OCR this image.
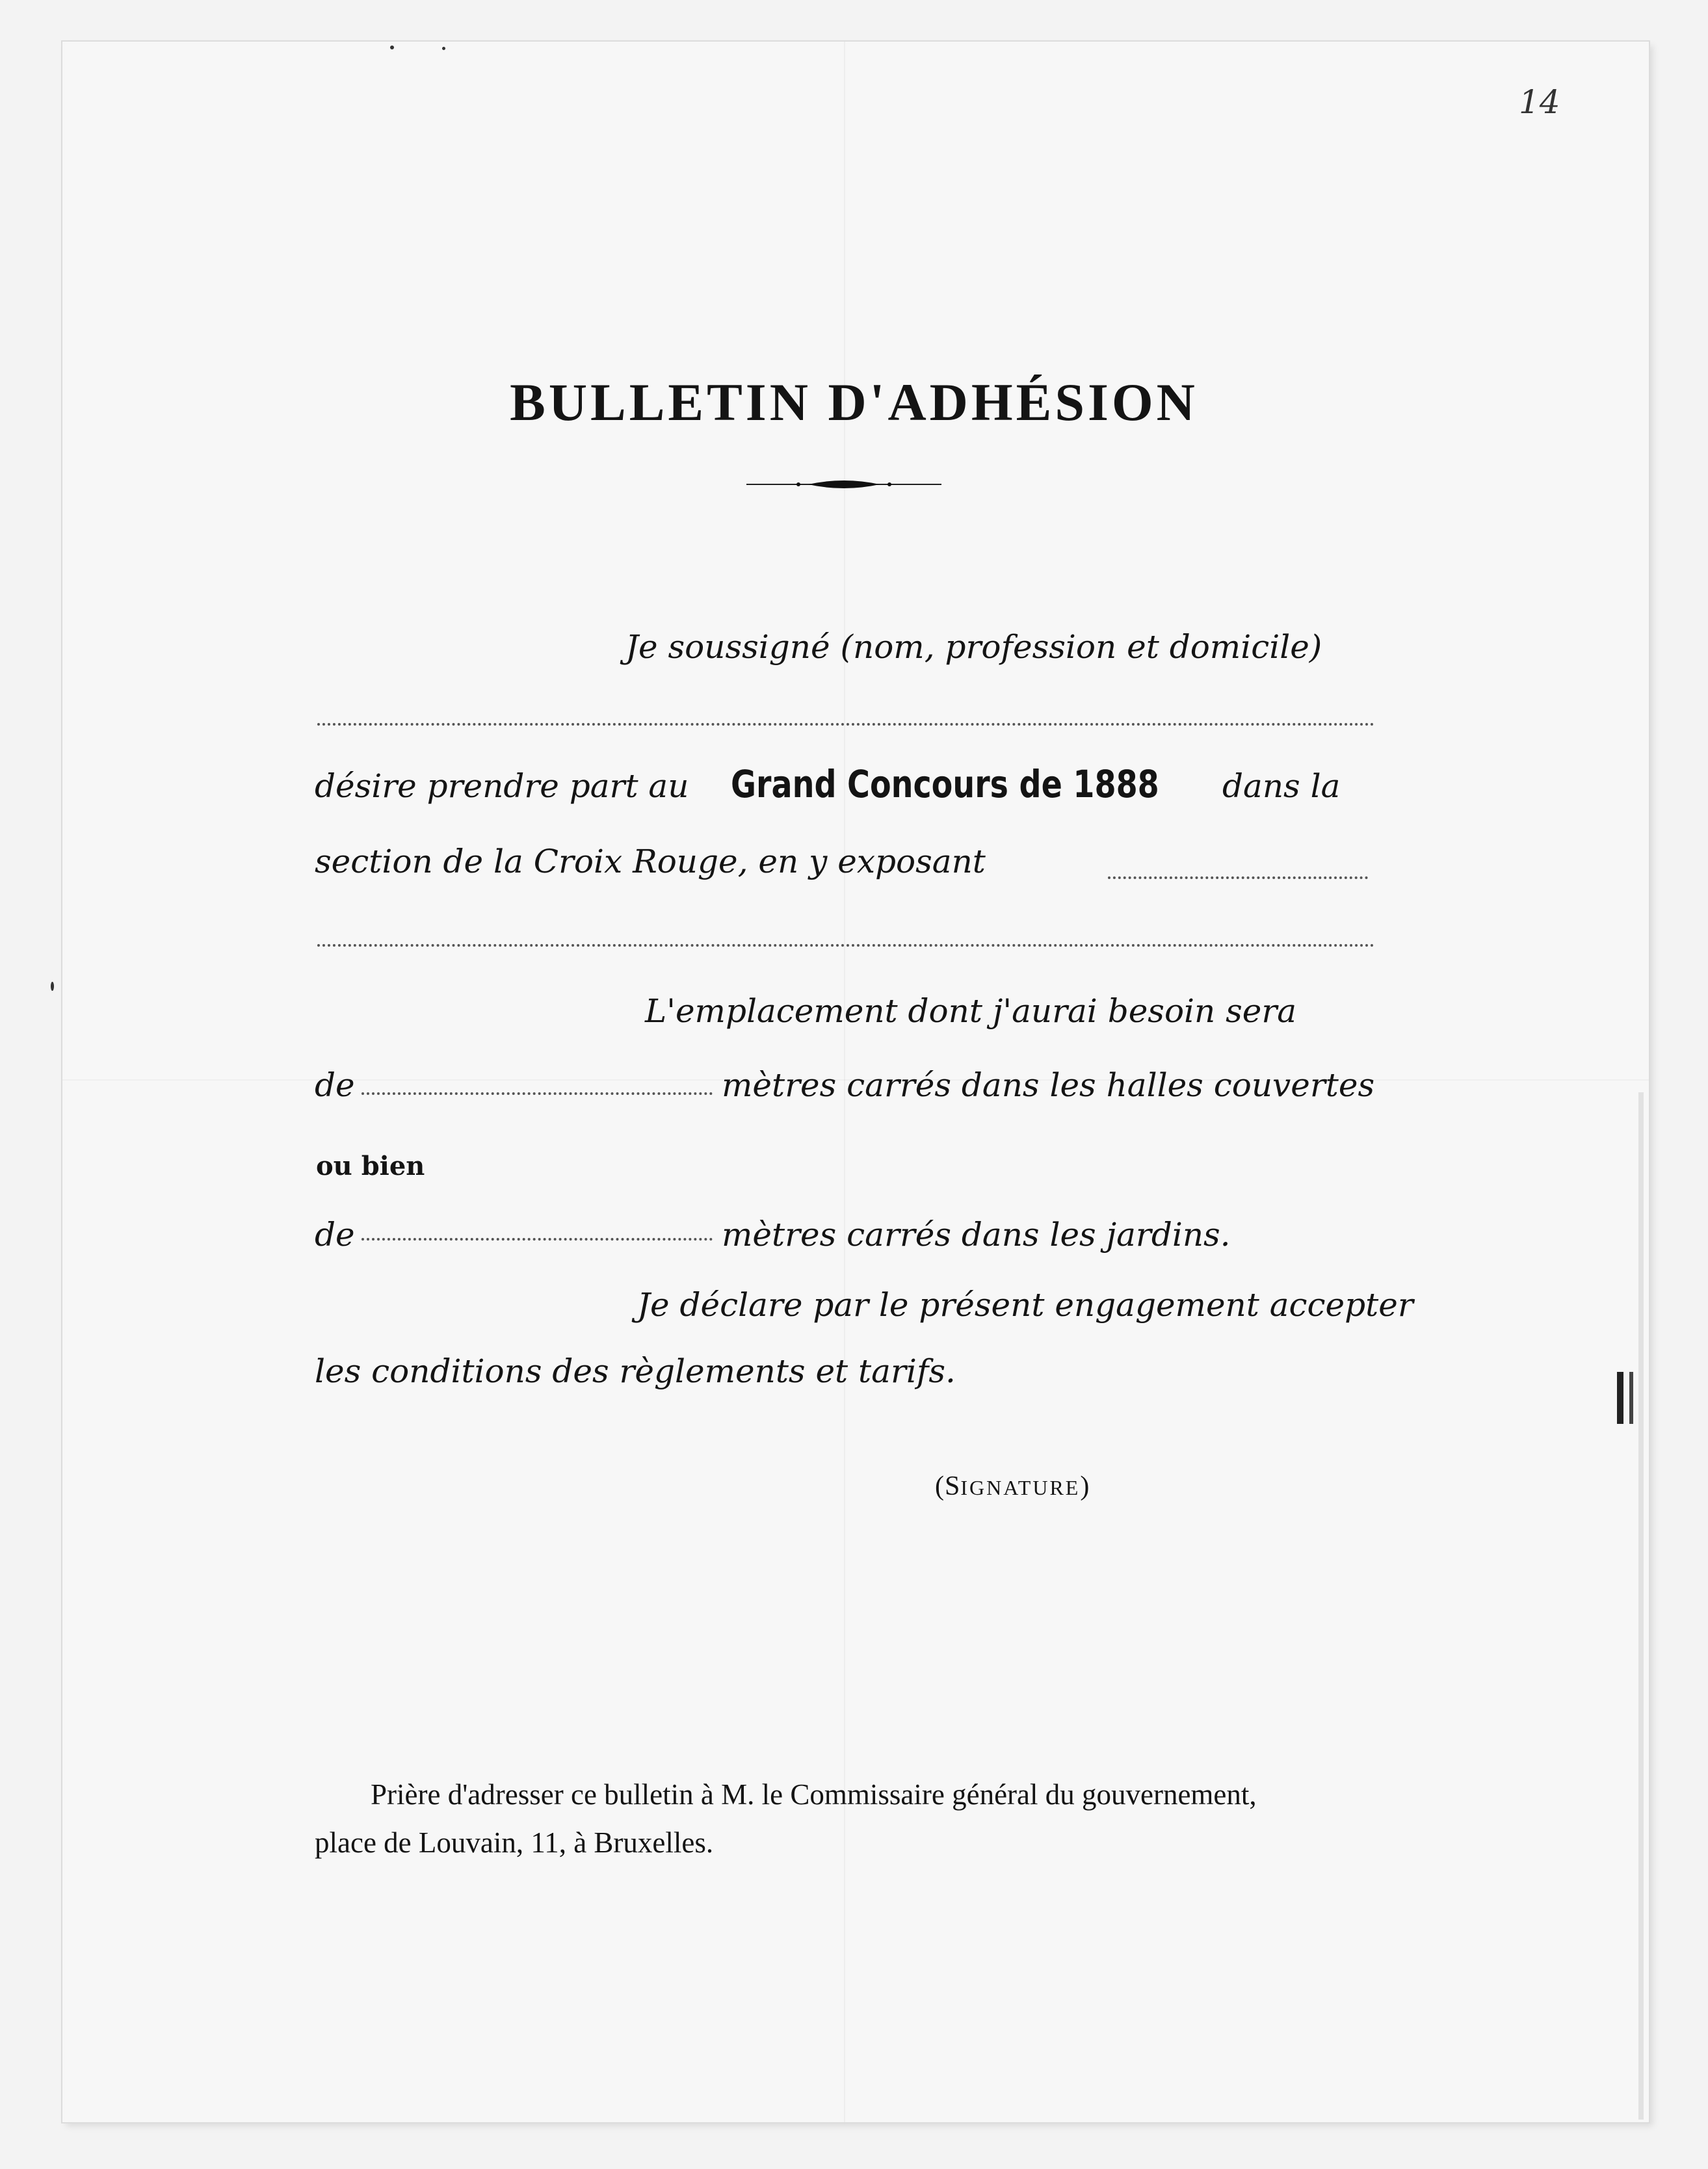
14
BULLETIN D'ADHÉSION
Je soussigné (nom, profession et domicile)
désire prendre part au Grand Concours de 1888 dans la
section de la Croix Rouge, en y exposant
L'emplacement dont j'aurai besoin sera
de	mètres carrés dans les halles couvertes
ou bien
de	mètres carrés dans les jardins.
Je déclare par le présent engagement accepter
les conditions des règlements et tarifs.
(SIGNATURE)
Prière d'adresser ce bulletin à M. le Commissaire général du gouvernement,
place de Louvain, 11, à Bruxelles.
